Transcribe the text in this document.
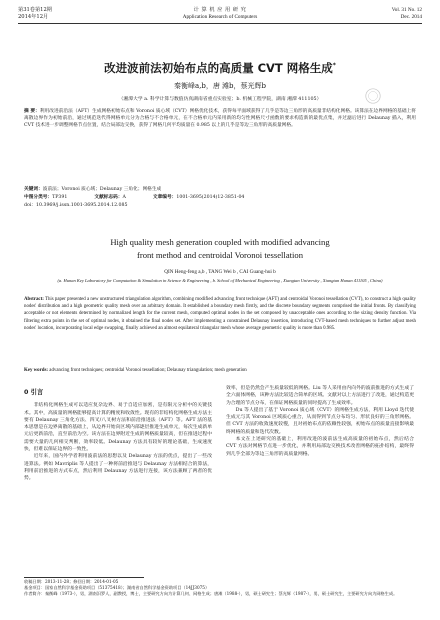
第31卷第12期
2014年12月
计 算 机 应 用 研 究
Application Research of Computers
Vol. 31 No. 12
Dec. 2014
改进波前法初始布点的高质量 CVT 网格生成*
秦衡峰a,b，唐 滩b，蔡光辉b
（湘潭大学 a. 科学计算与数值仿真湖南省重点实验室；b. 机械工程学院，湖南 湘潭 411105）
摘 要：利用改进前沿法（AFT）生成网格初始布点和 Voronoi 质心域（CVT）网格优化技术，获得每平面域获得了几乎是等边三角形的高质量非结构化网格。该算法在边界网格的基础上将离散边界作为初始前沿，通过规范迭代得网格单元分为合格与不合格单元，在不合格单元内采用新的均匀性网格尺寸函数的要求构造新的最优点集，并过滤后进行 Delaunay 插入，利用 CVT 技术进一步调整网格节点位置，结合局部边交换，获得了网格几何平均质量在 0.985 以上的几乎是等边三角形的高质量网格。
关键词：波前法；Voronoi 质心域；Delaunay 三角化；网格生成
中图分类号：TP391	文献标志码：A	文章编号：1001-3695(2014)12-3851-04
doi：10.3969/j.issn.1001-3695.2014.12.085
High quality mesh generation coupled with modified advancing
front method and centroidal Voronoi tessellation
QIN Heng-feng a,b , TANG Wei b , CAI Guang-hui b
(a. Hunan Key Laboratory for Computation & Simulation in Science & Engineering , b. School of Mechanical Engineering , Xiangtan University , Xiangtan Hunan 411105 , China)
Abstract: This paper presented a new unstructured triangulation algorithm, combining modified advancing front technique (AFT) and centroidal Voronoi tessellation (CVT), to construct a high quality nodes' distribution and a high geometric quality mesh over an arbitrary domain. It established a boundary mesh firstly, and the discrete boundary segments comprised the initial fronts. By classifying acceptable or not elements determined by normalized length for the current mesh, computed optimal nodes in the set composed by unacceptable ones according to the sizing density function. Via filtering extra points in the set of optimal nodes, it obtained the final nodes set. After implementing a constrained Delaunay insertion, introducing CVT-based mesh techniques to further adjust mesh nodes' location, incorporating local edge swapping, finally achieved an almost equilateral triangular mesh whose average geometric quality is more than 0.985.
Key words: advancing front techniques; centroidal Voronoi tessellation; Delaunay triangulation; mesh generation
0 引言

非结构化网格生成可以适应复杂边界、易于自适应加密，是有限元分析中的关键技术。其中，高质量的网格能够提高计算的精度和收敛性。现有的非结构化网格生成方法主要有 Delaunay 三角化方法、四叉/八叉树方法和前沿推进法（AFT）等。AFT 法的基本思想是在边界离散的基础上，从边界开始向区域内部逐层推进生成单元，每次生成新单元后更新前沿，直至前沿为空。该方法在边界附近生成的网格质量较高，但在推进过程中需要大量的几何相交判断，效率较低。Delaunay 方法具有较好的理论基础，生成速度快，但难以保证边界的一致性。

近年来，国内外学者利用波前法的思想以及 Delaunay 方法的优点，提出了一些改进算法。例如 Mavriplis 等人提出了一种将前沿推进与 Delaunay 方法相结合的算法，利用前沿推进的方式布点，然后利用 Delaunay 方法进行连接，该方法兼顾了两者的优势。

效率，但是仍然会产生质量较低的网格。Liu 等人采用由内向外的波前推进的方式生成了全六面体网格，该种方法比较适合简单的区域。文献对以上方法进行了改进，通过构造更为合理的节点分布，在保证网格质量的同时提高了生成效率。

Du 等人提出了基于 Voronoi 质心域（CVT）的网格生成方法，利用 Lloyd 迭代使生成元与其 Voronoi 区域质心重合，从而得到节点分布均匀、形状良好的三角形网格。但 CVT 方法的收敛速度较慢，且对初始布点的依赖性较强，初始布点的质量直接影响最终网格的质量和迭代次数。

本文在上述研究的基础上，利用改进的波前法生成高质量的初始布点，然后结合 CVT 方法对网格节点进一步优化，并利用局部边交换技术改善网格的拓扑结构，最终得到几乎全部为等边三角形的高质量网格。

收稿日期：2013-11-28；修回日期：2014-01-05
基金项目：国家自然科学基金资助项目（51375418）；湖南省自然科学基金资助项目（14JJ3075）
作者简介：秦衡峰（1973-），男，湖南汨罗人，副教授，博士，主要研究方向为计算几何、网格生成；唐滩（1988-），男，硕士研究生；蔡光辉（1987-），男，硕士研究生，主要研究方向为网格生成。
